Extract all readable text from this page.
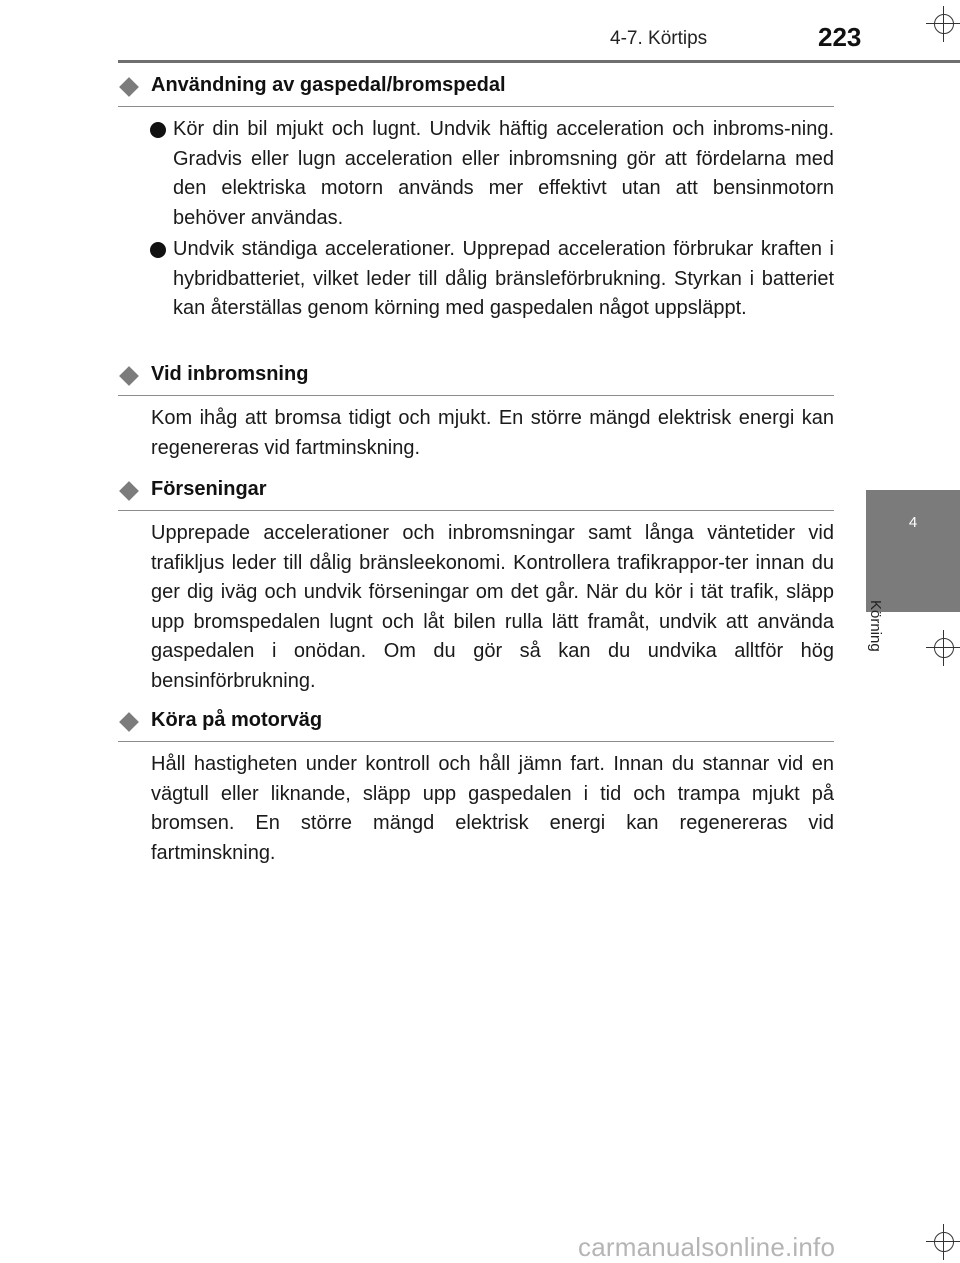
4-7. Körtips	223
4
Körning
Användning av gaspedal/bromspedal
Kör din bil mjukt och lugnt. Undvik häftig acceleration och inbroms-ning. Gradvis eller lugn acceleration eller inbromsning gör att fördelarna med den elektriska motorn används mer effektivt utan att bensinmotorn behöver användas.
Undvik ständiga accelerationer. Upprepad acceleration förbrukar kraften i hybridbatteriet, vilket leder till dålig bränsleförbrukning. Styrkan i batteriet kan återställas genom körning med gaspedalen något uppsläppt.
Vid inbromsning
Kom ihåg att bromsa tidigt och mjukt. En större mängd elektrisk energi kan regenereras vid fartminskning.
Förseningar
Upprepade accelerationer och inbromsningar samt långa väntetider vid trafikljus leder till dålig bränsleekonomi. Kontrollera trafikrappor-ter innan du ger dig iväg och undvik förseningar om det går. När du kör i tät trafik, släpp upp bromspedalen lugnt och låt bilen rulla lätt framåt, undvik att använda gaspedalen i onödan. Om du gör så kan du undvika alltför hög bensinförbrukning.
Köra på motorväg
Håll hastigheten under kontroll och håll jämn fart. Innan du stannar vid en vägtull eller liknande, släpp upp gaspedalen i tid och trampa mjukt på bromsen. En större mängd elektrisk energi kan regenereras vid fartminskning.
carmanualsonline.info
